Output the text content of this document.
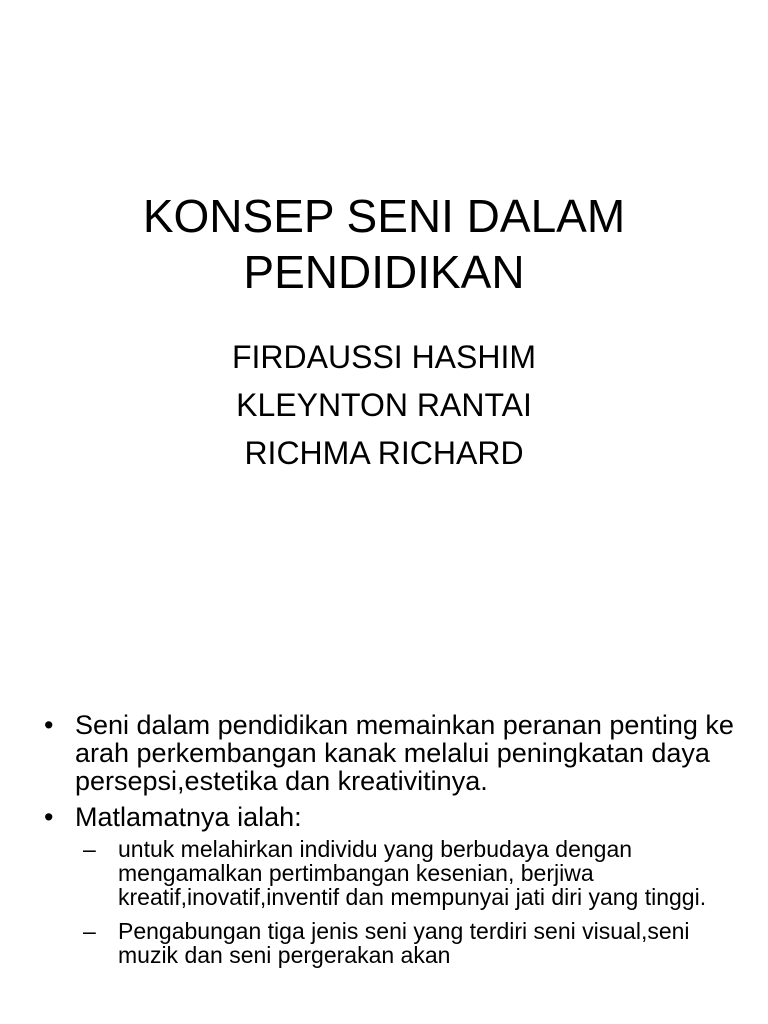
KONSEP SENI DALAM
PENDIDIKAN
FIRDAUSSI HASHIM
KLEYNTON RANTAI
RICHMA RICHARD
• Seni dalam pendidikan memainkan peranan penting ke arah perkembangan kanak melalui peningkatan daya persepsi,estetika dan kreativitinya.
• Matlamatnya ialah:
– untuk melahirkan individu yang berbudaya dengan mengamalkan pertimbangan kesenian, berjiwa kreatif,inovatif,inventif dan mempunyai jati diri yang tinggi.
– Pengabungan tiga jenis seni yang terdiri seni visual,seni muzik dan seni pergerakan akan
